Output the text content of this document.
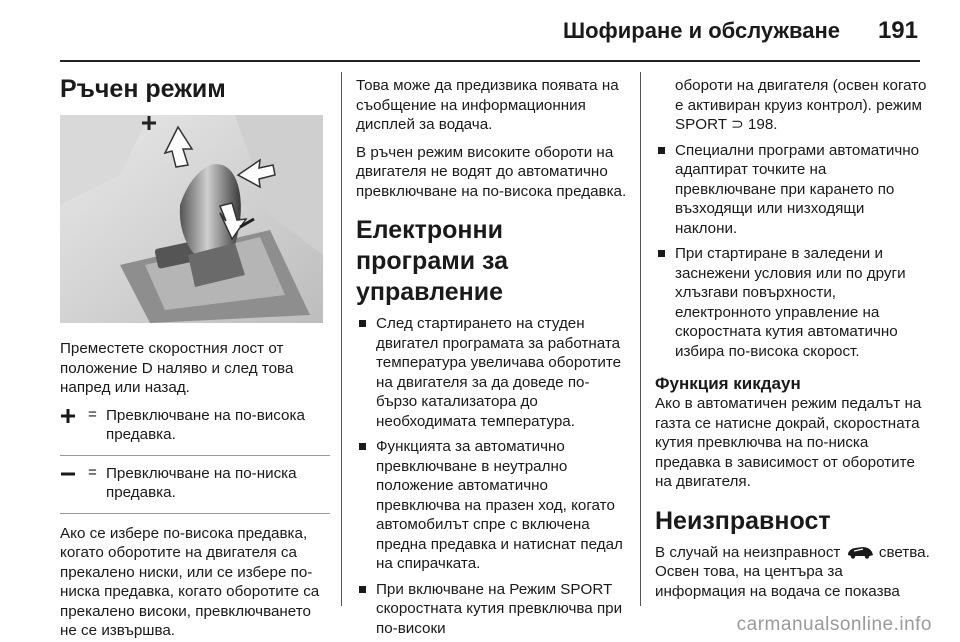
Шофиране и обслужване 191
Ръчен режим

Преместете скоростния лост от положение D наляво и след това напред или назад.

= Превключване на по-висока предавка.
= Превключване на по-ниска предавка.

Ако се избере по-висока предавка, когато оборотите на двигателя са прекалено ниски, или се избере по-ниска предавка, когато оборотите са прекалено високи, превключването не се извършва.

Това може да предизвика появата на съобщение на информационния дисплей за водача.

В ръчен режим високите обороти на двигателя не водят до автоматично превключване на по-висока предавка.

Електронни програми за управление
След стартирането на студен двигател програмата за работната температура увеличава оборотите на двигателя за да доведе по-бързо катализатора до необходимата температура.
Функцията за автоматично превключване в неутрално положение автоматично превключва на празен ход, когато автомобилът спре с включена предна предавка и натиснат педал на спирачката.
При включване на Режим SPORT скоростната кутия превключва при по-високи

обороти на двигателя (освен когато е активиран круиз контрол). режим SPORT ⊃ 198.

Специални програми автоматично адаптират точките на превключване при карането по възходящи или низходящи наклони.
При стартиране в заледени и заснежени условия или по други хлъзгави повърхности, електронното управление на скоростната кутия автоматично избира по-висока скорост.
Функция кикдаун

Ако в автоматичен режим педалът на газта се натисне докрай, скоростната кутия превключва на по-ниска предавка в зависимост от оборотите на двигателя.

Неизправност

В случай на неизправност	светва. Освен това, на центъра за информация на водача се показва

carmanualsonline.info
